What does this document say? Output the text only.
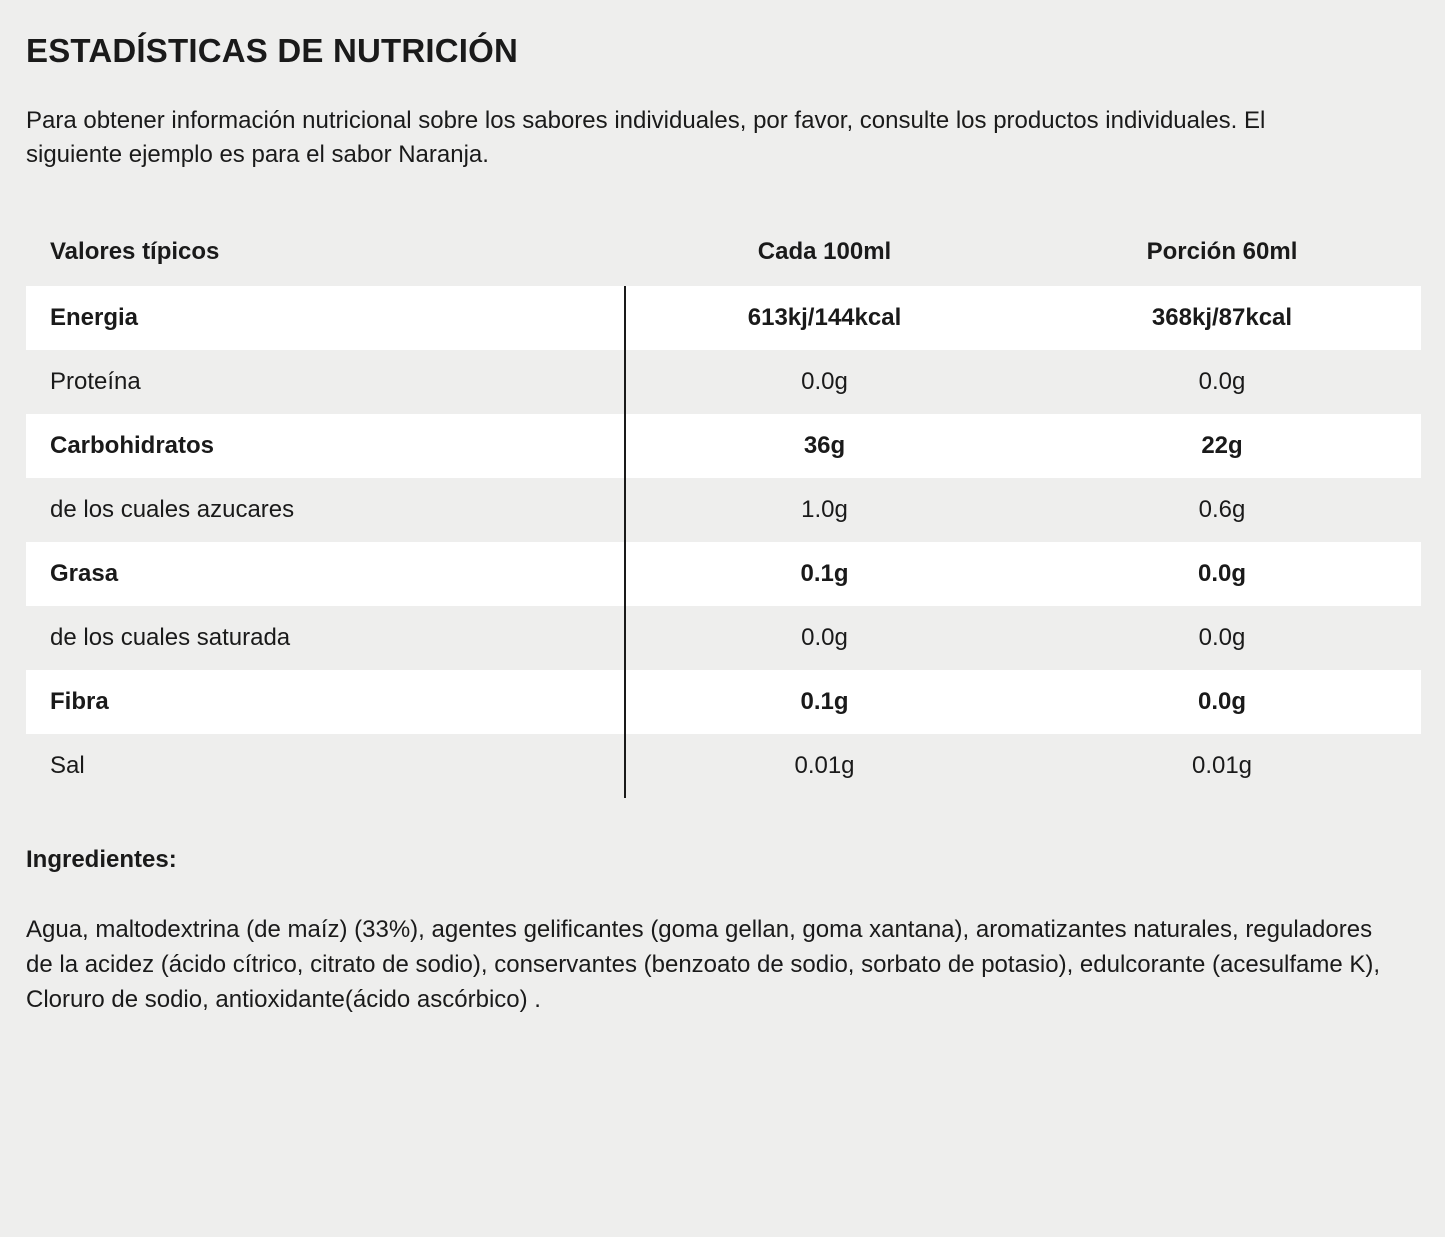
ESTADÍSTICAS DE NUTRICIÓN

Para obtener información nutricional sobre los sabores individuales, por favor, consulte los productos individuales. El siguiente ejemplo es para el sabor Naranja.

Valores típicos	Cada 100ml	Porción 60ml
Energia	613kj/144kcal	368kj/87kcal
Proteína	0.0g	0.0g
Carbohidratos	36g	22g
de los cuales azucares	1.0g	0.6g
Grasa	0.1g	0.0g
de los cuales saturada	0.0g	0.0g
Fibra	0.1g	0.0g
Sal	0.01g	0.01g
Ingredientes:

Agua, maltodextrina (de maíz) (33%), agentes gelificantes (goma gellan, goma xantana), aromatizantes naturales, reguladores de la acidez (ácido cítrico, citrato de sodio), conservantes (benzoato de sodio, sorbato de potasio), edulcorante (acesulfame K), Cloruro de sodio, antioxidante(ácido ascórbico) .
